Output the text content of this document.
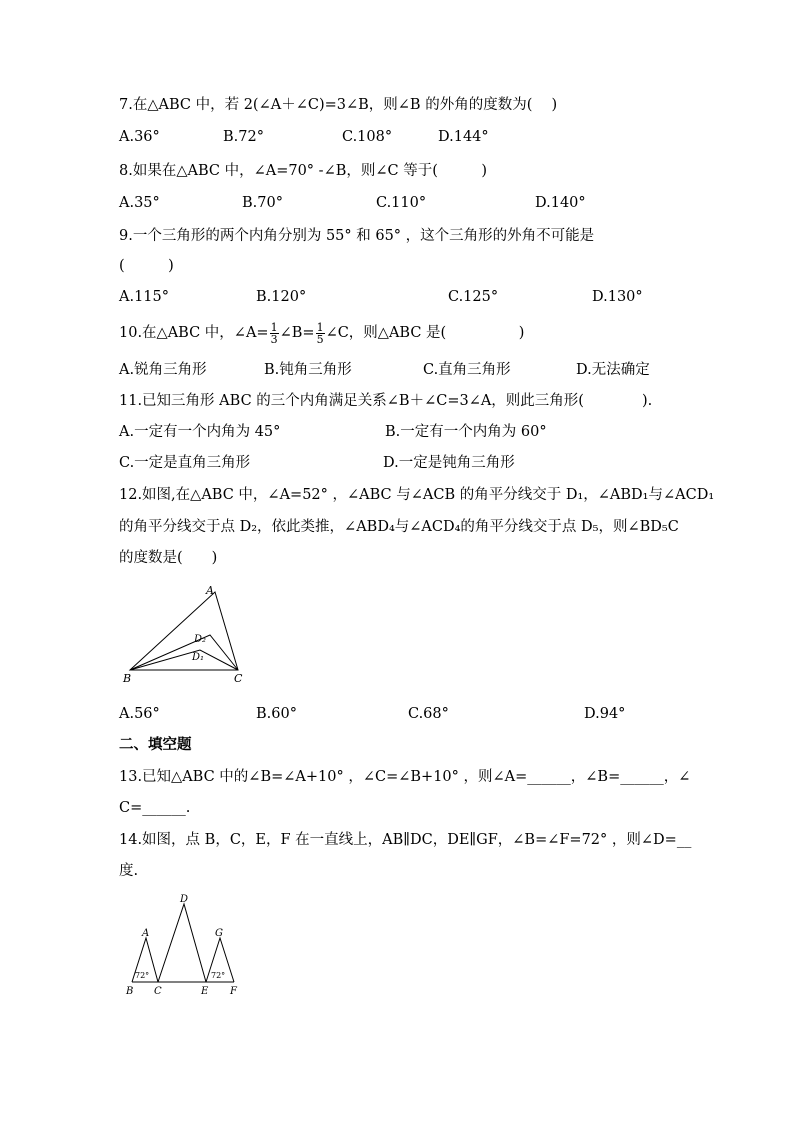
7.在△ABC 中，若 2(∠A＋∠C)=3∠B，则∠B 的外角的度数为(　 )
A.36°	B.72°	C.108°	D.144°
8.如果在△ABC 中，∠A=70° -∠B，则∠C 等于(　　　)
A.35°	B.70°	C.110°	D.140°
9.一个三角形的两个内角分别为 55° 和 65° ，这个三角形的外角不可能是
(　　　)
A.115°	B.120°	C.125°	D.130°
10.在△ABC 中，∠A= $\frac{1}{3}$ ∠B= $\frac{1}{5}$ ∠C，则△ABC 是(　　　　　)
A.锐角三角形	B.钝角三角形	C.直角三角形	D.无法确定
11.已知三角形 ABC 的三个内角满足关系∠B＋∠C=3∠A，则此三角形(　　　　).
A.一定有一个内角为 45°	B.一定有一个内角为 60°
C.一定是直角三角形	D.一定是钝角三角形
12.如图,在△ABC 中，∠A=52° ，∠ABC 与∠ACB 的角平分线交于 D₁，∠ABD₁与∠ACD₁
的角平分线交于点 D₂，依此类推，∠ABD₄与∠ACD₄的角平分线交于点 D₅，则∠BD₅C
的度数是(　　)
A
B	C
D₂
D₁
A.56°	B.60°	C.68°	D.94°
二、填空题
13.已知△ABC 中的∠B=∠A+10° ，∠C=∠B+10° ，则∠A=______，∠B=______，∠
C=______.
14.如图，点 B，C，E，F 在一直线上，AB∥DC，DE∥GF，∠B=∠F=72° ，则∠D=__
度.
A
D
G
B C	E F
72°	72°
